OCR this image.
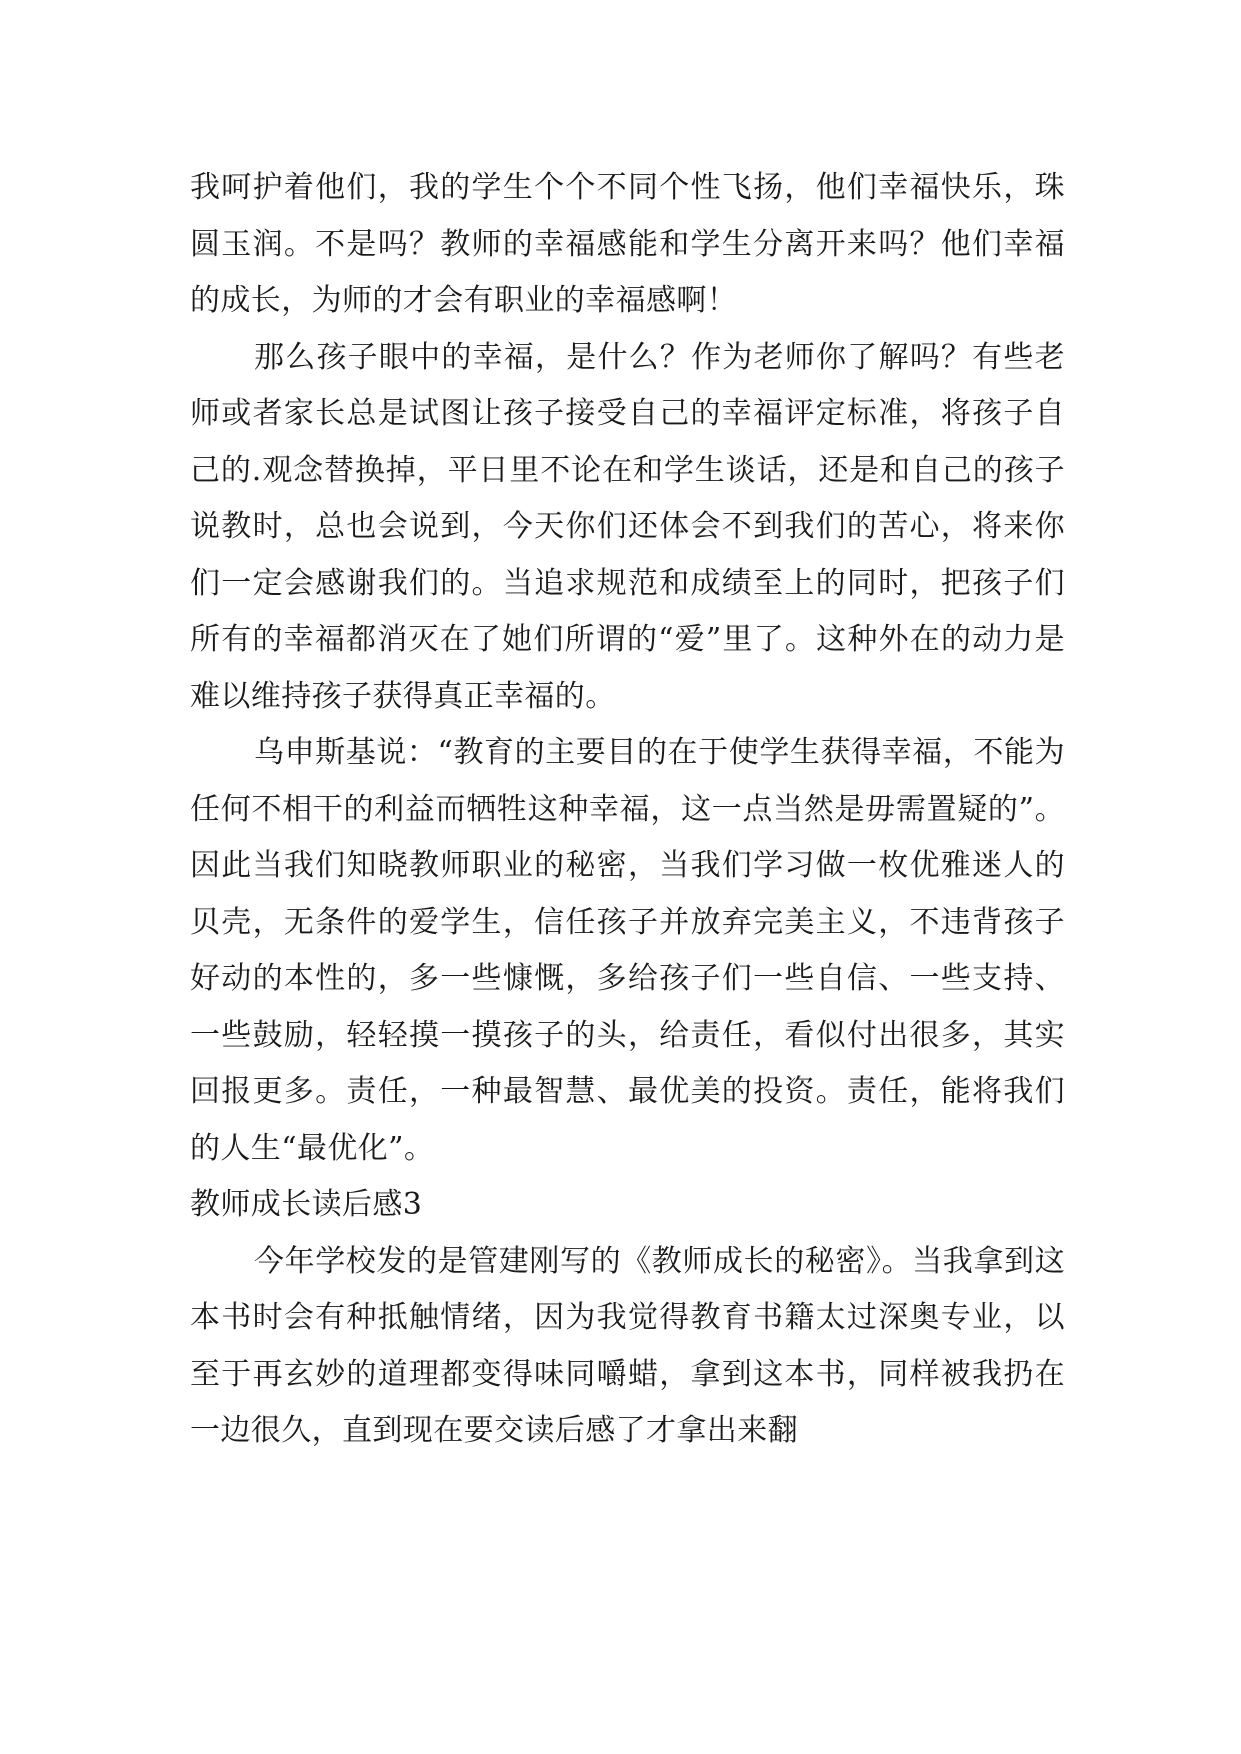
我呵护着他们，我的学生个个不同个性飞扬，他们幸福快乐，珠圆玉润。不是吗？教师的幸福感能和学生分离开来吗？他们幸福的成长，为师的才会有职业的幸福感啊！

那么孩子眼中的幸福，是什么？作为老师你了解吗？有些老师或者家长总是试图让孩子接受自己的幸福评定标准，将孩子自己的.观念替换掉，平日里不论在和学生谈话，还是和自己的孩子说教时，总也会说到，今天你们还体会不到我们的苦心，将来你们一定会感谢我们的。当追求规范和成绩至上的同时，把孩子们所有的幸福都消灭在了她们所谓的“爱”里了。这种外在的动力是难以维持孩子获得真正幸福的。

乌申斯基说：“教育的主要目的在于使学生获得幸福，不能为任何不相干的利益而牺牲这种幸福，这一点当然是毋需置疑的”。因此当我们知晓教师职业的秘密，当我们学习做一枚优雅迷人的贝壳，无条件的爱学生，信任孩子并放弃完美主义，不违背孩子好动的本性的，多一些慷慨，多给孩子们一些自信、一些支持、一些鼓励，轻轻摸一摸孩子的头，给责任，看似付出很多，其实回报更多。责任，一种最智慧、最优美的投资。责任，能将我们的人生“最优化”。

教师成长读后感3

今年学校发的是管建刚写的《教师成长的秘密》。当我拿到这本书时会有种抵触情绪，因为我觉得教育书籍太过深奥专业，以至于再玄妙的道理都变得味同嚼蜡，拿到这本书，同样被我扔在一边很久，直到现在要交读后感了才拿出来翻
